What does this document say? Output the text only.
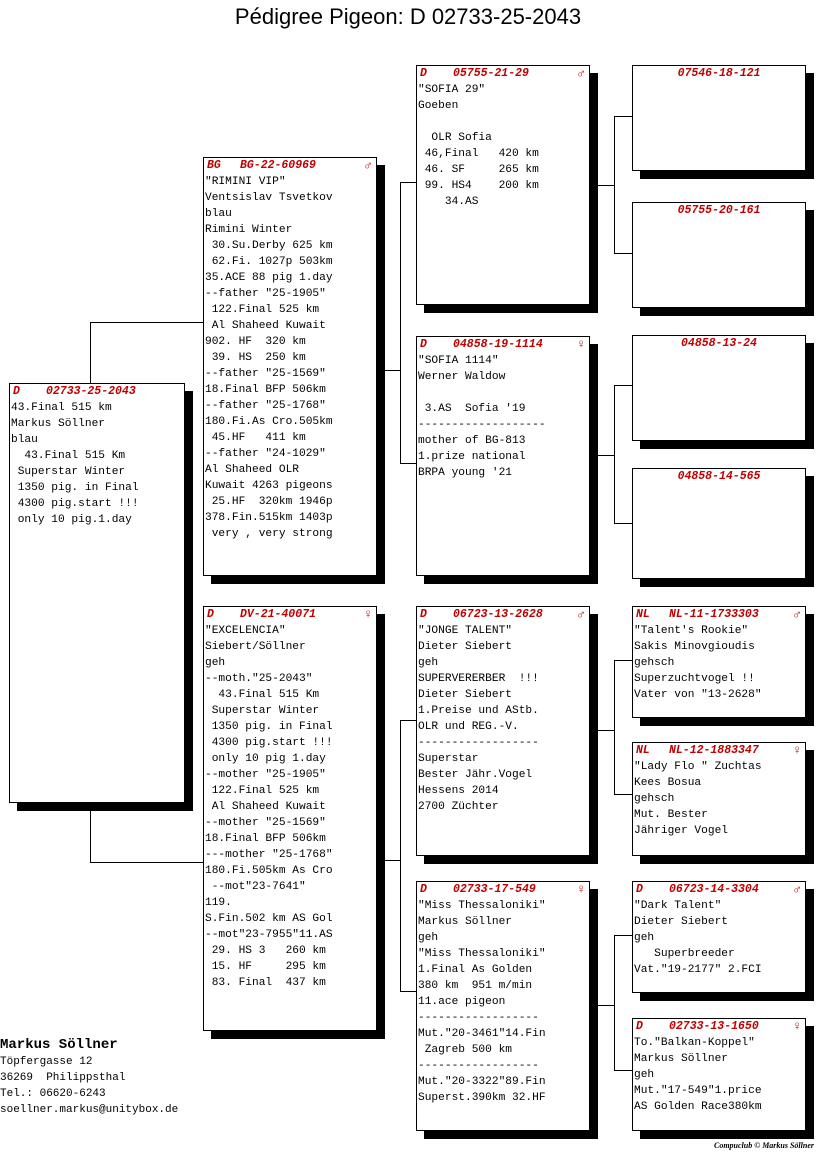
Pédigree Pigeon: D 02733-25-2043
D 02733-25-2043
43.Final 515 km
Markus Söllner
blau
43.Final 515 Km
Superstar Winter
1350 pig. in Final
4300 pig.start !!!
only 10 pig.1.day
BG BG-22-60969	♂
"RIMINI VIP"
Ventsislav Tsvetkov
blau
Rimini Winter
30.Su.Derby 625 km
62.Fi. 1027p 503km
35.ACE 88 pig 1.day
--father "25-1905"
122.Final 525 km
Al Shaheed Kuwait
902. HF  320 km
39. HS  250 km
--father "25-1569"
18.Final BFP 506km
--father "25-1768"
180.Fi.As Cro.505km
45.HF   411 km
--father "24-1029"
Al Shaheed OLR
Kuwait 4263 pigeons
25.HF  320km 1946p
378.Fin.515km 1403p
very , very strong
D DV-21-40071	♀
"EXCELENCIA"
Siebert/Söllner
geh
--moth."25-2043"
43.Final 515 Km
Superstar Winter
1350 pig. in Final
4300 pig.start !!!
only 10 pig 1.day
--mother "25-1905"
122.Final 525 km
Al Shaheed Kuwait
--mother "25-1569"
18.Final BFP 506km
---mother "25-1768"
180.Fi.505km As Cro
--mot"23-7641"
119.
S.Fin.502 km AS Gol
--mot"23-7955"11.AS
29. HS 3   260 km
15. HF     295 km
83. Final  437 km
D 05755-21-29	♂
"SOFIA 29"
Goeben

OLR Sofia
46,Final   420 km
46. SF     265 km
99. HS4    200 km
34.AS
D 04858-19-1114	♀
"SOFIA 1114"
Werner Waldow

3.AS  Sofia '19
-------------------
mother of BG-813
1.prize national
BRPA young '21
D 06723-13-2628	♂
"JONGE TALENT"
Dieter Siebert
geh
SUPERVERERBER  !!!
Dieter Siebert
1.Preise und AStb.
OLR und REG.-V.
------------------
Superstar
Bester Jähr.Vogel
Hessens 2014
2700 Züchter
D 02733-17-549	♀
"Miss Thessaloniki"
Markus Söllner
geh
"Miss Thessaloniki"
1.Final As Golden
380 km  951 m/min
11.ace pigeon
------------------
Mut."20-3461"14.Fin
Zagreb 500 km
------------------
Mut."20-3322"89.Fin
Superst.390km 32.HF
07546-18-121
05755-20-161
04858-13-24
04858-14-565
NL NL-11-1733303	♂
"Talent's Rookie"
Sakis Minovgioudis
gehsch
Superzuchtvogel !!
Vater von "13-2628"
NL NL-12-1883347	♀
"Lady Flo " Zuchtas
Kees Bosua
gehsch
Mut. Bester
Jähriger Vogel
D 06723-14-3304	♂
"Dark Talent"
Dieter Siebert
geh
Superbreeder
Vat."19-2177" 2.FCI
D 02733-13-1650	♀
To."Balkan-Koppel"
Markus Söllner
geh
Mut."17-549"1.price
AS Golden Race380km
Markus Söllner
Töpfergasse 12
36269  Philippsthal
Tel.: 06620-6243
soellner.markus@unitybox.de
Compuclub © Markus Söllner
